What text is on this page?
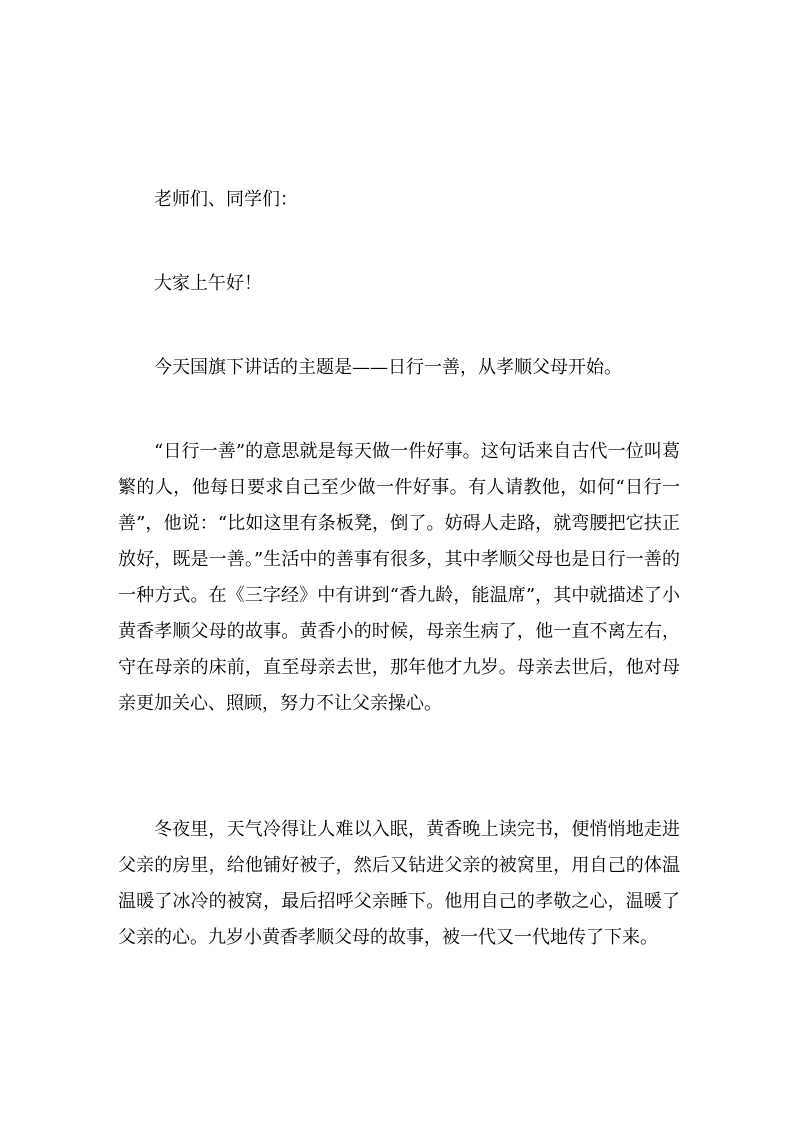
老师们、同学们：

大家上午好！

今天国旗下讲话的主题是——日行一善，从孝顺父母开始。

“日行一善”的意思就是每天做一件好事。这句话来自古代一位叫葛繁的人，他每日要求自己至少做一件好事。有人请教他，如何“日行一善”，他说：“比如这里有条板凳，倒了。妨碍人走路，就弯腰把它扶正放好，既是一善。”生活中的善事有很多，其中孝顺父母也是日行一善的一种方式。在《三字经》中有讲到“香九龄，能温席”，其中就描述了小黄香孝顺父母的故事。黄香小的时候，母亲生病了，他一直不离左右，守在母亲的床前，直至母亲去世，那年他才九岁。母亲去世后，他对母亲更加关心、照顾，努力不让父亲操心。

冬夜里，天气冷得让人难以入眠，黄香晚上读完书，便悄悄地走进父亲的房里，给他铺好被子，然后又钻进父亲的被窝里，用自己的体温温暖了冰冷的被窝，最后招呼父亲睡下。他用自己的孝敬之心，温暖了父亲的心。九岁小黄香孝顺父母的故事，被一代又一代地传了下来。
